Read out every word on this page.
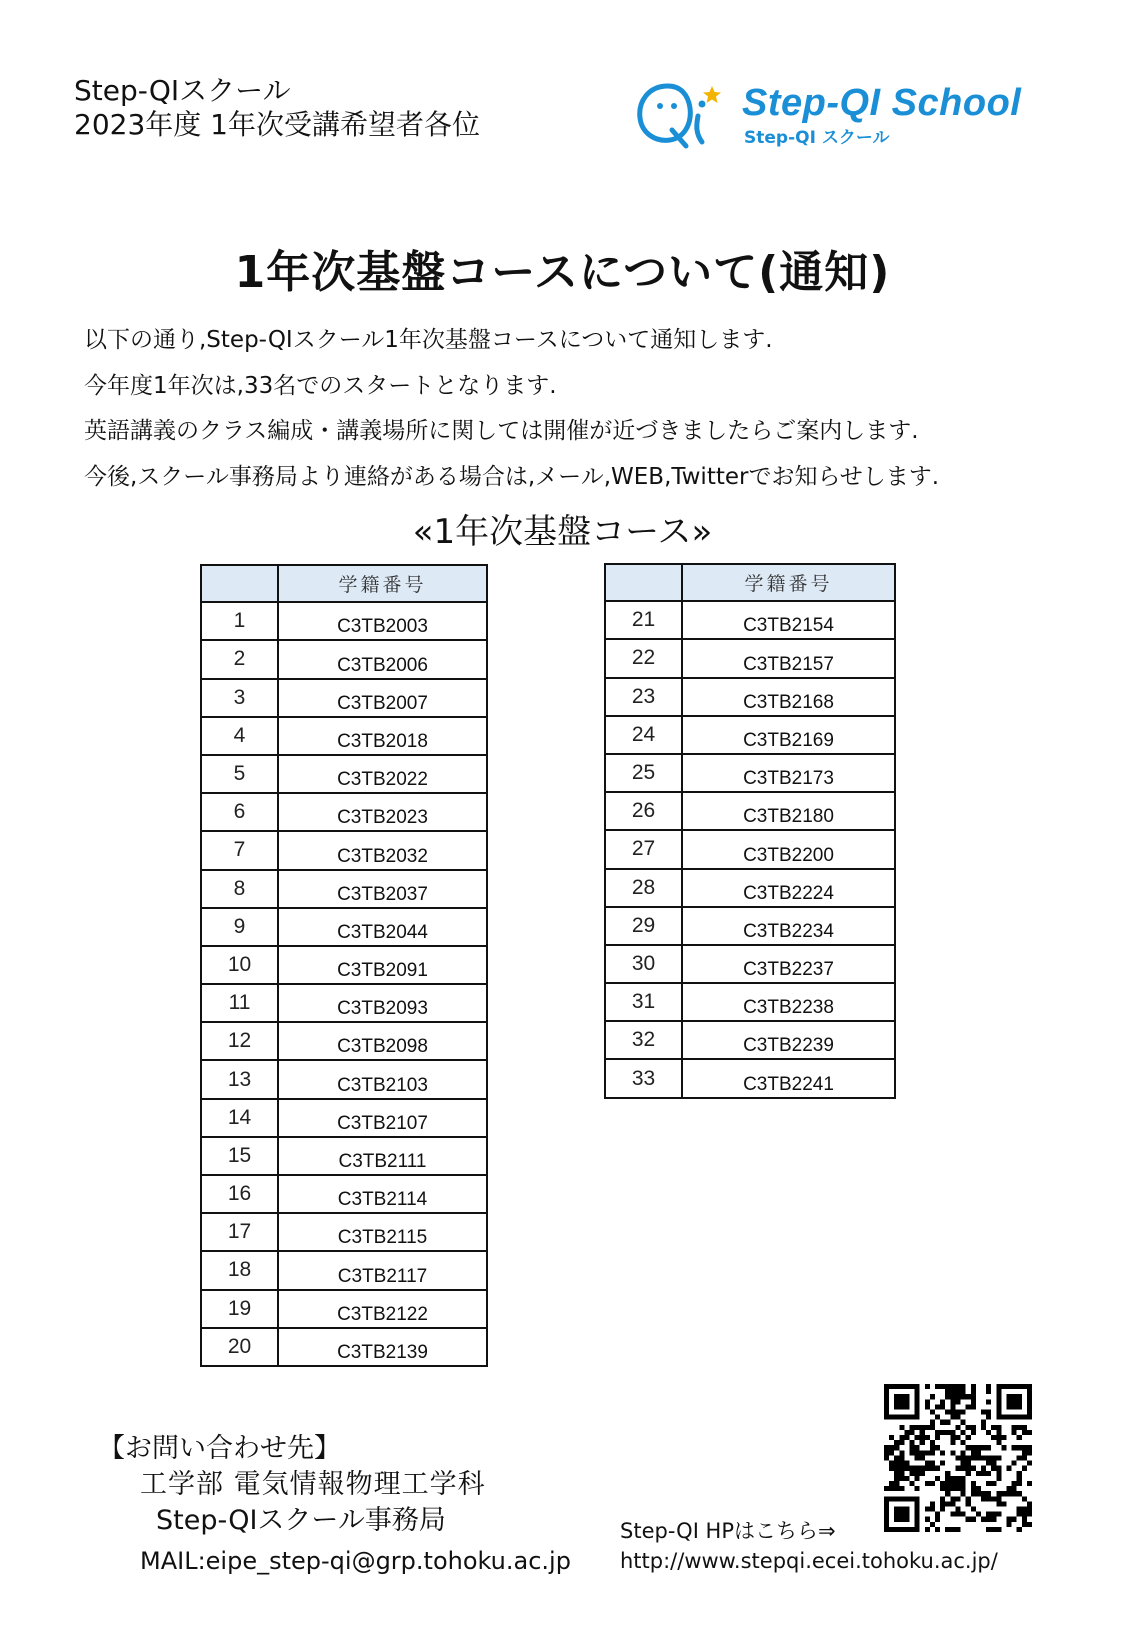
Step-QIスクール
2023年度 1年次受講希望者各位
Step-QI School
Step-QI スクール
1年次基盤コースについて(通知)
以下の通り,Step-QIスクール1年次基盤コースについて通知します.
今年度1年次は,33名でのスタートとなります.
英語講義のクラス編成・講義場所に関しては開催が近づきましたらご案内します.
今後,スクール事務局より連絡がある場合は,メール,WEB,Twitterでお知らせします.
«1年次基盤コース»
	学籍番号
1	C3TB2003
2	C3TB2006
3	C3TB2007
4	C3TB2018
5	C3TB2022
6	C3TB2023
7	C3TB2032
8	C3TB2037
9	C3TB2044
10	C3TB2091
11	C3TB2093
12	C3TB2098
13	C3TB2103
14	C3TB2107
15	C3TB2111
16	C3TB2114
17	C3TB2115
18	C3TB2117
19	C3TB2122
20	C3TB2139
	学籍番号
21	C3TB2154
22	C3TB2157
23	C3TB2168
24	C3TB2169
25	C3TB2173
26	C3TB2180
27	C3TB2200
28	C3TB2224
29	C3TB2234
30	C3TB2237
31	C3TB2238
32	C3TB2239
33	C3TB2241
【お問い合わせ先】
工学部 電気情報物理工学科
Step-QIスクール事務局
MAIL:eipe_step-qi@grp.tohoku.ac.jp
Step-QI HPはこちら⇒
http://www.stepqi.ecei.tohoku.ac.jp/
